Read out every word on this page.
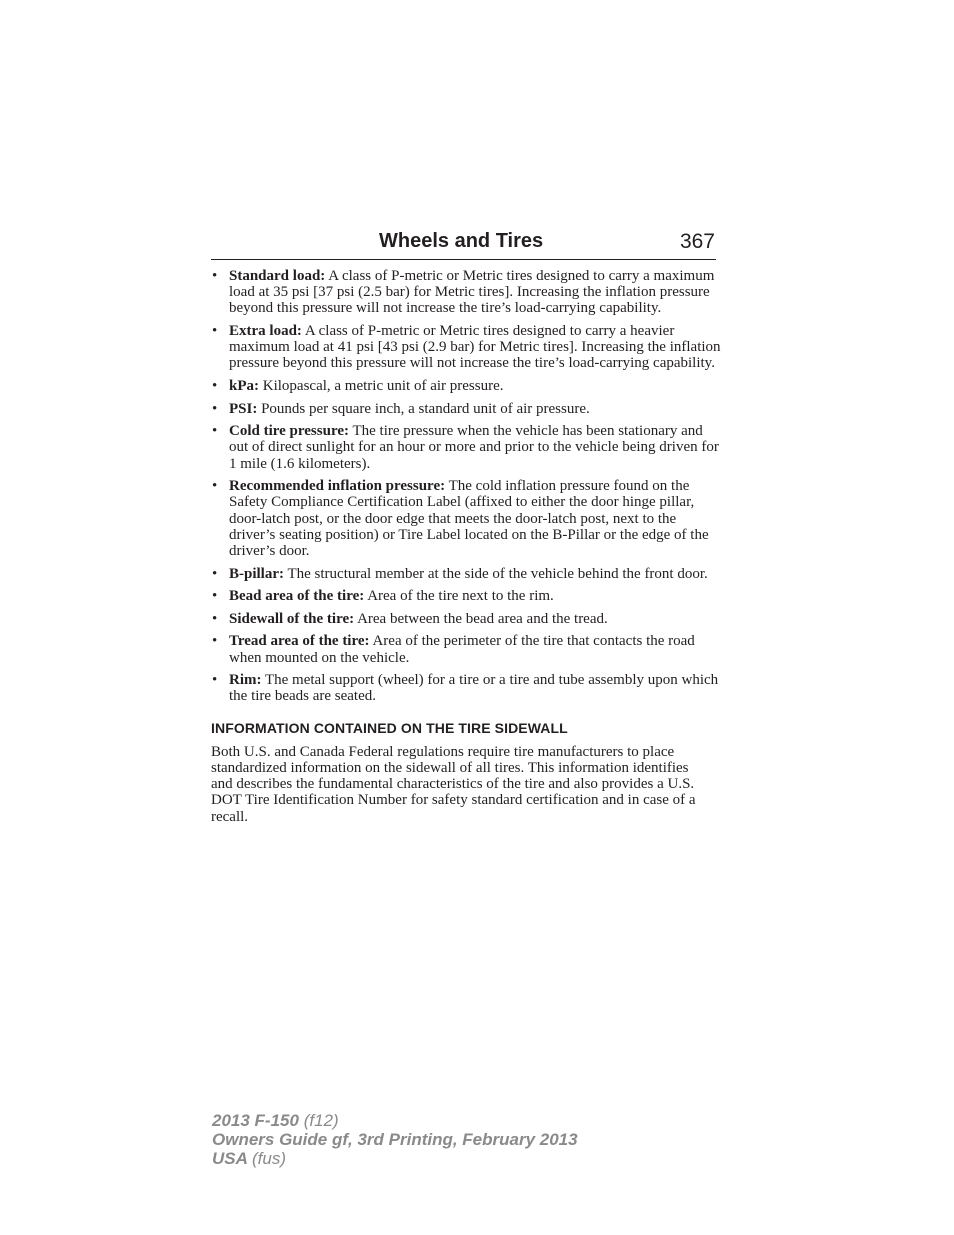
Wheels and Tires	367
• Standard load: A class of P-metric or Metric tires designed to carry a maximum load at 35 psi [37 psi (2.5 bar) for Metric tires]. Increasing the inflation pressure beyond this pressure will not increase the tire’s load-carrying capability.
• Extra load: A class of P-metric or Metric tires designed to carry a heavier maximum load at 41 psi [43 psi (2.9 bar) for Metric tires]. Increasing the inflation pressure beyond this pressure will not increase the tire’s load-carrying capability.
• kPa: Kilopascal, a metric unit of air pressure.
• PSI: Pounds per square inch, a standard unit of air pressure.
• Cold tire pressure: The tire pressure when the vehicle has been stationary and out of direct sunlight for an hour or more and prior to the vehicle being driven for 1 mile (1.6 kilometers).
• Recommended inflation pressure: The cold inflation pressure found on the Safety Compliance Certification Label (affixed to either the door hinge pillar, door-latch post, or the door edge that meets the door-latch post, next to the driver’s seating position) or Tire Label located on the B-Pillar or the edge of the driver’s door.
• B-pillar: The structural member at the side of the vehicle behind the front door.
• Bead area of the tire: Area of the tire next to the rim.
• Sidewall of the tire: Area between the bead area and the tread.
• Tread area of the tire: Area of the perimeter of the tire that contacts the road when mounted on the vehicle.
• Rim: The metal support (wheel) for a tire or a tire and tube assembly upon which the tire beads are seated.
INFORMATION CONTAINED ON THE TIRE SIDEWALL

Both U.S. and Canada Federal regulations require tire manufacturers to place standardized information on the sidewall of all tires. This information identifies and describes the fundamental characteristics of the tire and also provides a U.S. DOT Tire Identification Number for safety standard certification and in case of a recall.

2013 F-150 (f12)
Owners Guide gf, 3rd Printing, February 2013
USA (fus)
